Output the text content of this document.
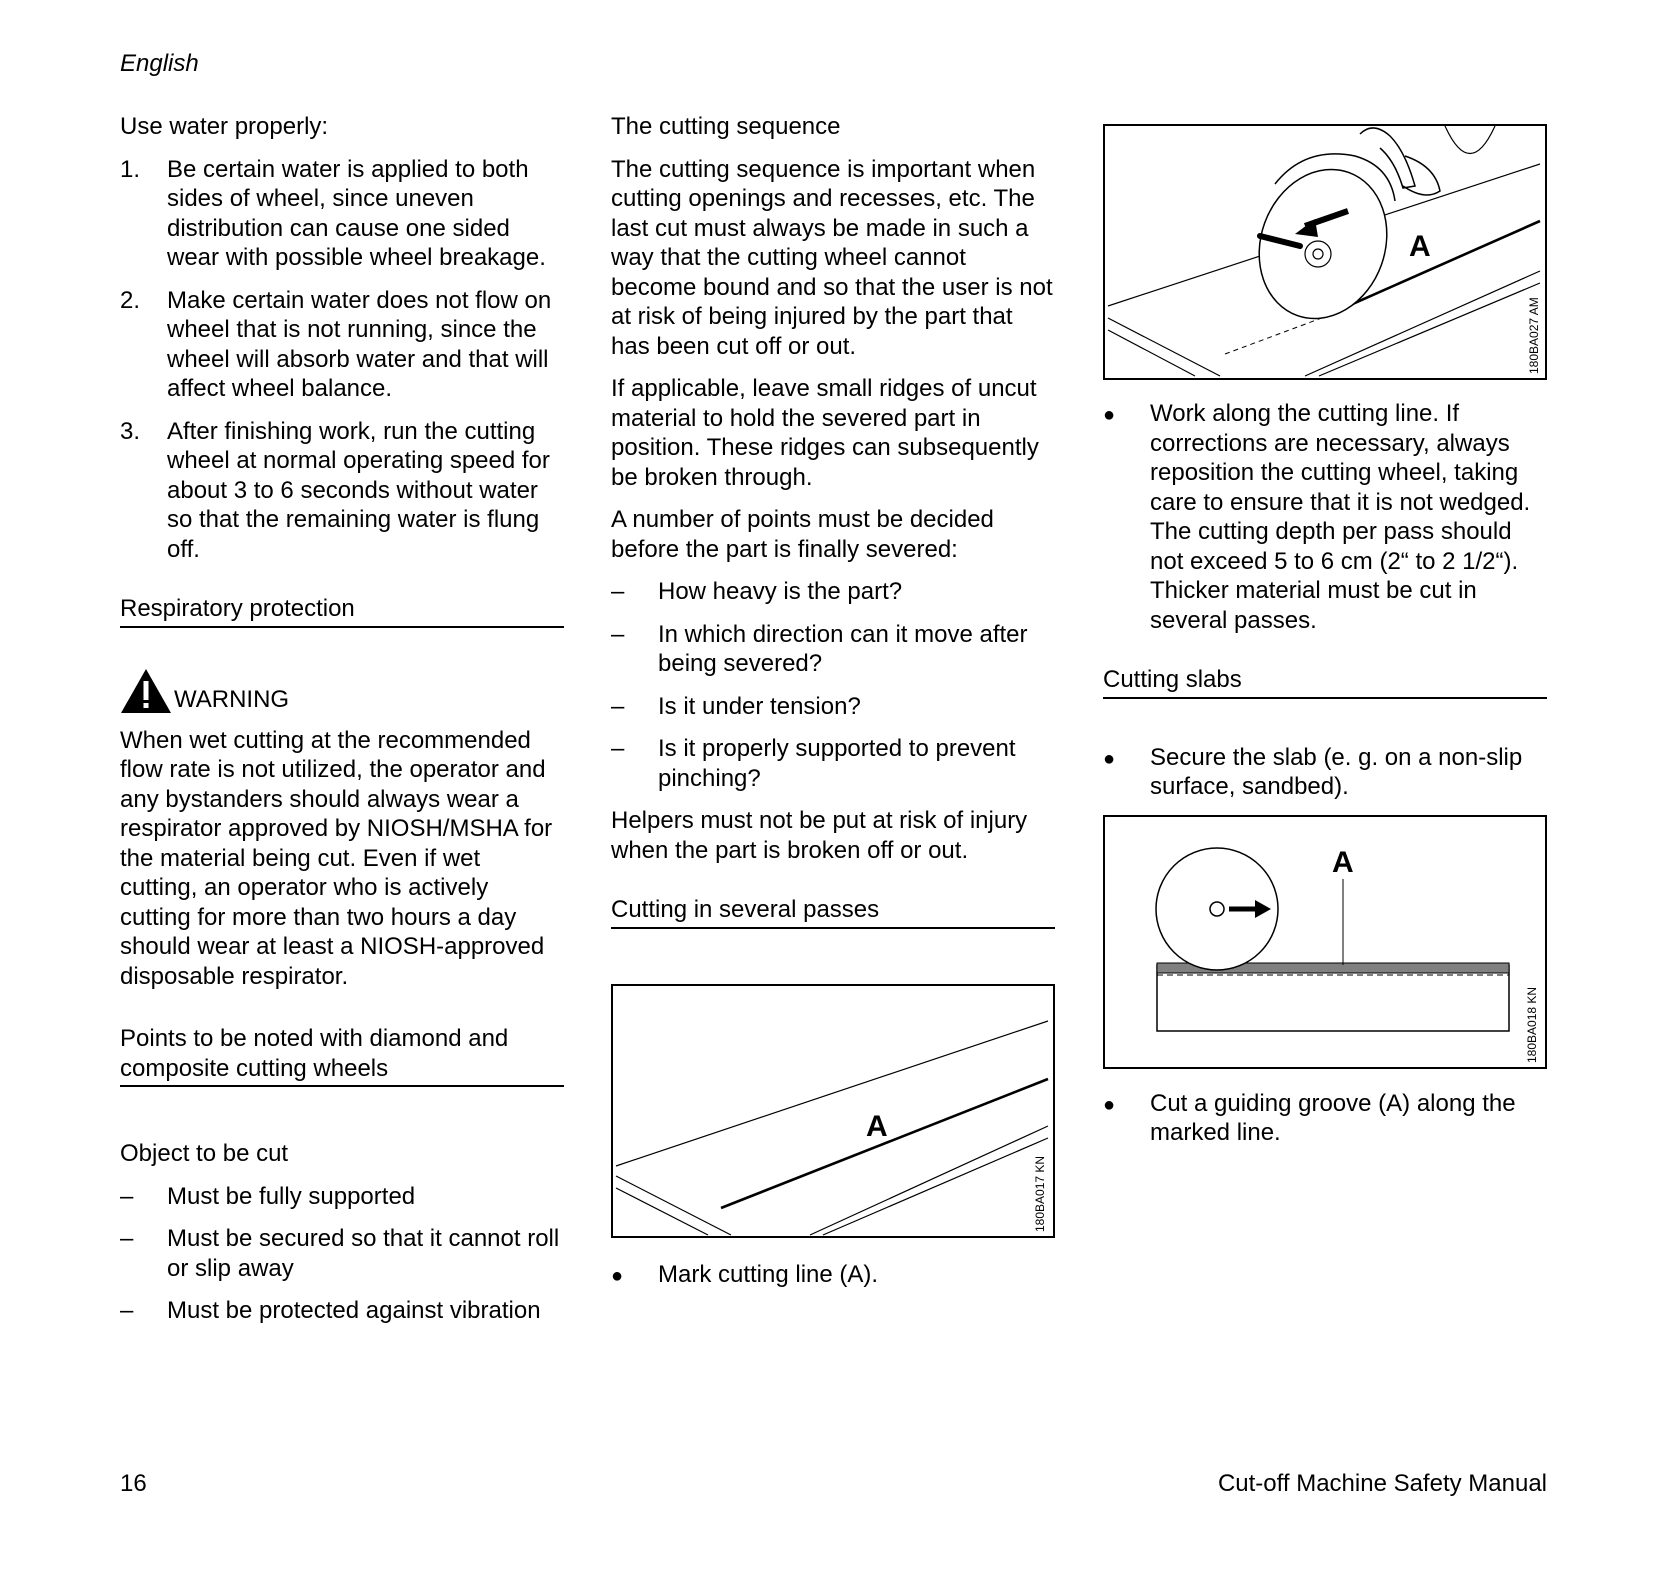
English

Use water properly:

1. Be certain water is applied to both sides of wheel, since uneven distribution can cause one sided wear with possible wheel breakage.
2. Make certain water does not flow on wheel that is not running, since the wheel will absorb water and that will affect wheel balance.
3. After finishing work, run the cutting wheel at normal operating speed for about 3 to 6 seconds without water so that the remaining water is flung off.
Respiratory protection
WARNING

When wet cutting at the recommended flow rate is not utilized, the operator and any bystanders should always wear a respirator approved by NIOSH/MSHA for the material being cut. Even if wet cutting, an operator who is actively cutting for more than two hours a day should wear at least a NIOSH-approved disposable respirator.

Points to be noted with diamond and composite cutting wheels

Object to be cut

– Must be fully supported
– Must be secured so that it cannot roll or slip away
– Must be protected against vibration

The cutting sequence

The cutting sequence is important when cutting openings and recesses, etc. The last cut must always be made in such a way that the cutting wheel cannot become bound and so that the user is not at risk of being injured by the part that has been cut off or out.

If applicable, leave small ridges of uncut material to hold the severed part in position. These ridges can subsequently be broken through.

A number of points must be decided before the part is finally severed:

– How heavy is the part?
– In which direction can it move after being severed?
– Is it under tension?
– Is it properly supported to prevent pinching?

Helpers must not be put at risk of injury when the part is broken off or out.

Cutting in several passes
A
180BA017 KN
● Mark cutting line (A).
A
180BA027 AM
● Work along the cutting line. If corrections are necessary, always reposition the cutting wheel, taking care to ensure that it is not wedged. The cutting depth per pass should not exceed 5 to 6 cm (2“ to 2 1/2“). Thicker material must be cut in several passes.
Cutting slabs
● Secure the slab (e. g. on a non-slip surface, sandbed).
A
180BA018 KN
● Cut a guiding groove (A) along the marked line.
16	Cut-off Machine Safety Manual
